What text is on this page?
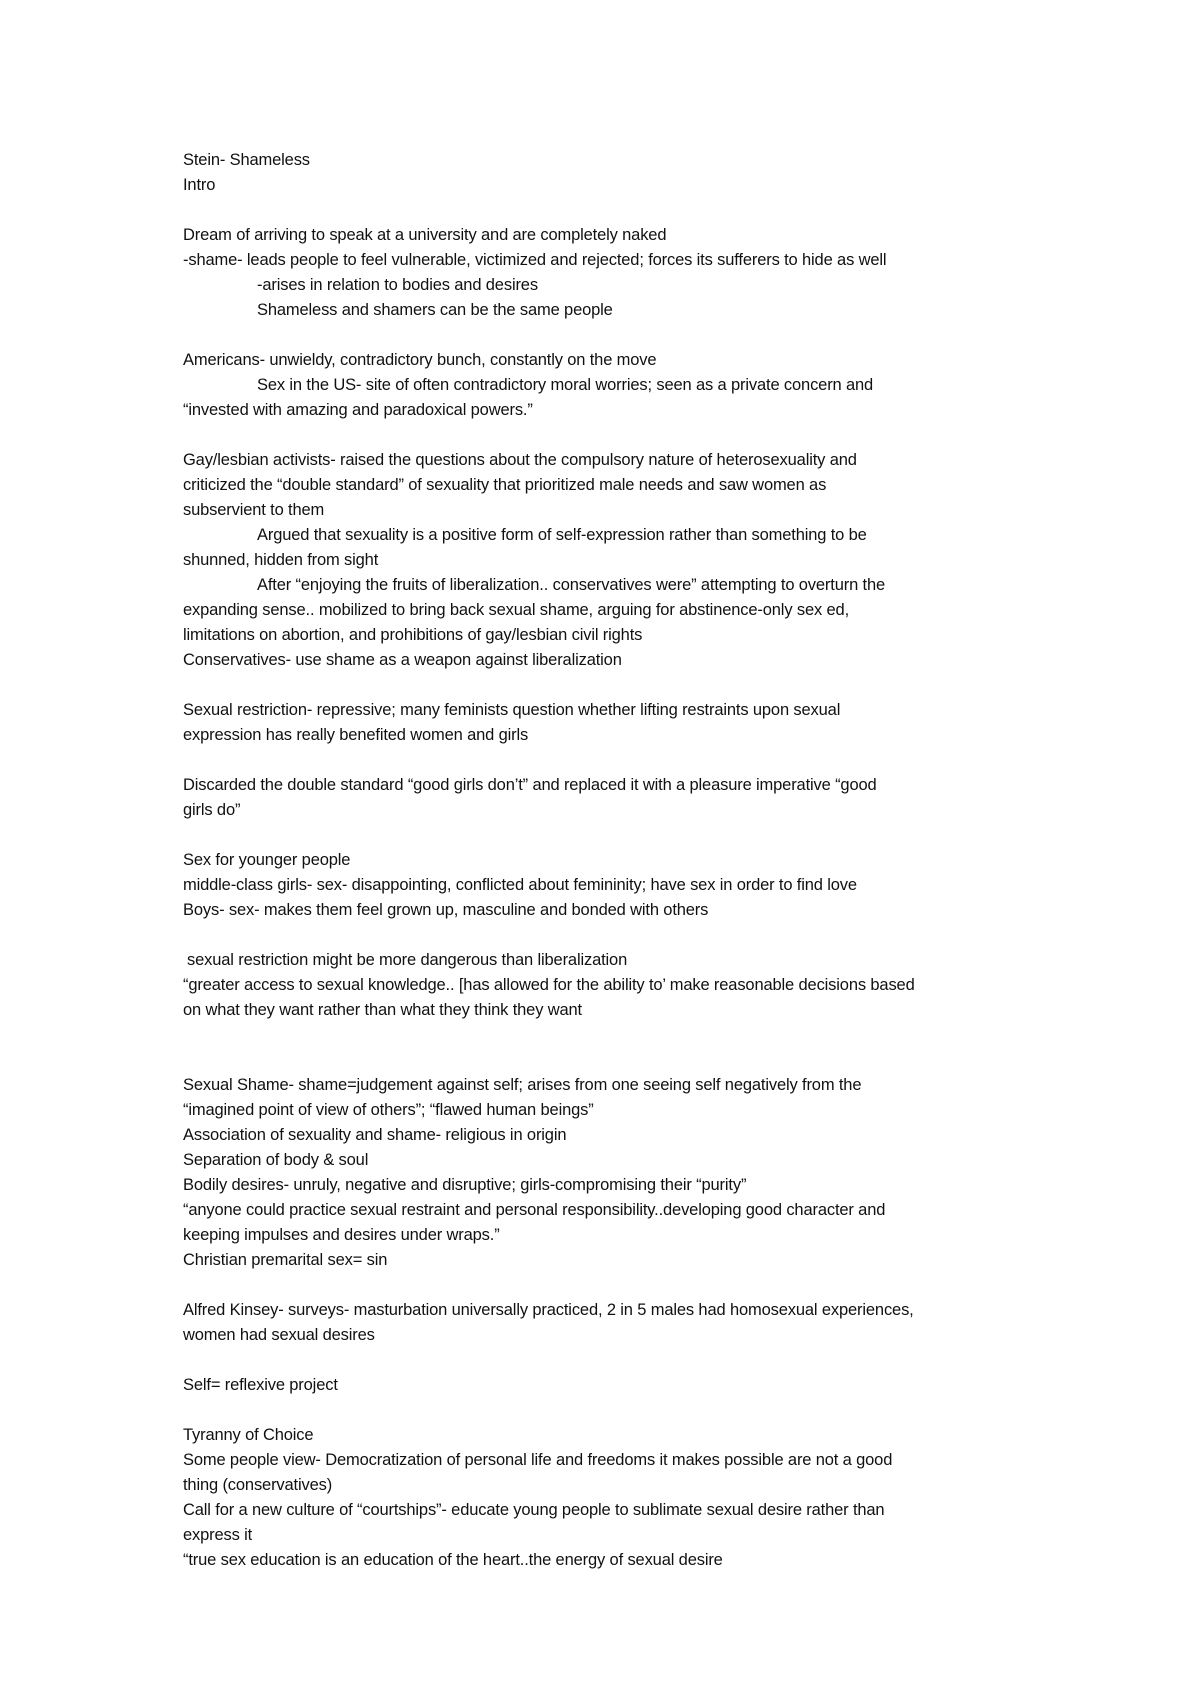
Stein- Shameless
Intro
Dream of arriving to speak at a university and are completely naked
-shame- leads people to feel vulnerable, victimized and rejected; forces its sufferers to hide as well
-arises in relation to bodies and desires
Shameless and shamers can be the same people
Americans- unwieldy, contradictory bunch, constantly on the move
Sex in the US- site of often contradictory moral worries; seen as a private concern and
“invested with amazing and paradoxical powers.”
Gay/lesbian activists- raised the questions about the compulsory nature of heterosexuality and
criticized the “double standard” of sexuality that prioritized male needs and saw women as
subservient to them
Argued that sexuality is a positive form of self-expression rather than something to be
shunned, hidden from sight
After “enjoying the fruits of liberalization.. conservatives were” attempting to overturn the
expanding sense.. mobilized to bring back sexual shame, arguing for abstinence-only sex ed,
limitations on abortion, and prohibitions of gay/lesbian civil rights
Conservatives- use shame as a weapon against liberalization
Sexual restriction- repressive; many feminists question whether lifting restraints upon sexual
expression has really benefited women and girls
Discarded the double standard “good girls don’t” and replaced it with a pleasure imperative “good
girls do”
Sex for younger people
middle-class girls- sex- disappointing, conflicted about femininity; have sex in order to find love
Boys- sex- makes them feel grown up, masculine and bonded with others
sexual restriction might be more dangerous than liberalization
“greater access to sexual knowledge.. [has allowed for the ability to’ make reasonable decisions based
on what they want rather than what they think they want
Sexual Shame- shame=judgement against self; arises from one seeing self negatively from the
“imagined point of view of others”; “flawed human beings”
Association of sexuality and shame- religious in origin
Separation of body & soul
Bodily desires- unruly, negative and disruptive; girls-compromising their “purity”
“anyone could practice sexual restraint and personal responsibility..developing good character and
keeping impulses and desires under wraps.”
Christian premarital sex= sin
Alfred Kinsey- surveys- masturbation universally practiced, 2 in 5 males had homosexual experiences,
women had sexual desires
Self= reflexive project
Tyranny of Choice
Some people view- Democratization of personal life and freedoms it makes possible are not a good
thing (conservatives)
Call for a new culture of “courtships”- educate young people to sublimate sexual desire rather than
express it
“true sex education is an education of the heart..the energy of sexual desire
